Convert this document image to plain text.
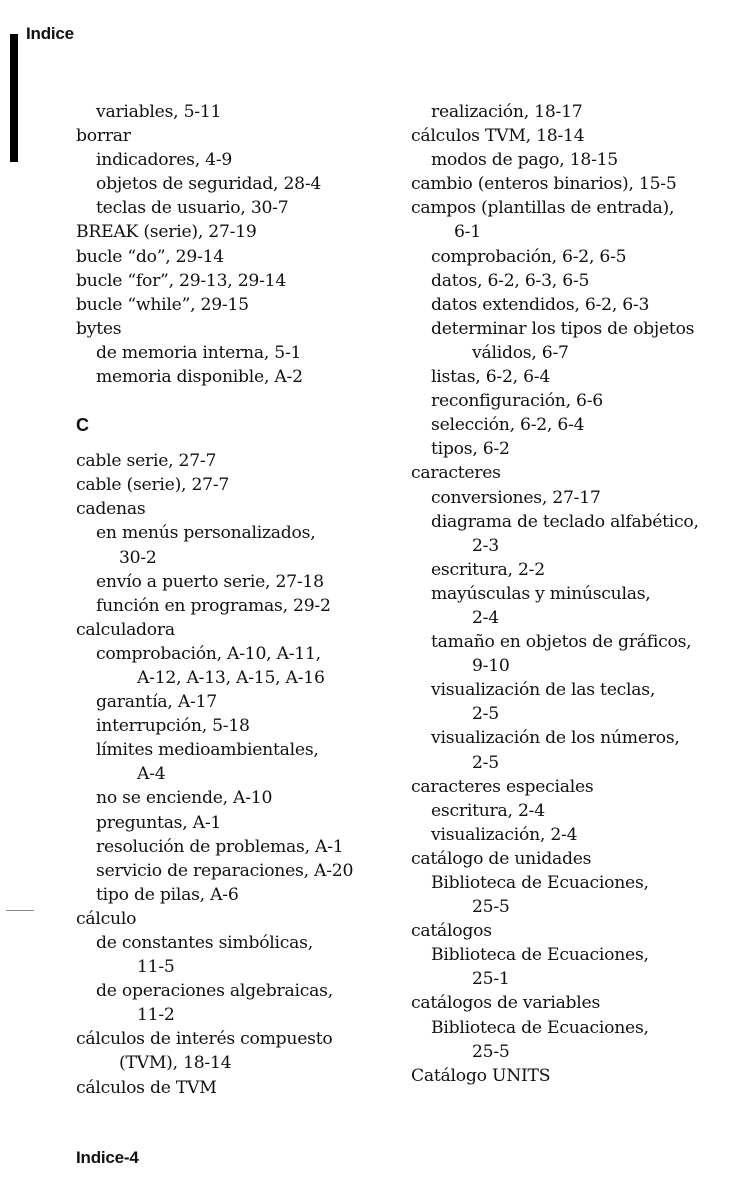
Indice
variables, 5-11
borrar
indicadores, 4-9
objetos de seguridad, 28-4
teclas de usuario, 30-7
BREAK (serie), 27-19
bucle “do”, 29-14
bucle “for”, 29-13, 29-14
bucle “while”, 29-15
bytes
de memoria interna, 5-1
memoria disponible, A-2
C
cable serie, 27-7
cable (serie), 27-7
cadenas
en menús personalizados,
30-2
envío a puerto serie, 27-18
función en programas, 29-2
calculadora
comprobación, A-10, A-11,
A-12, A-13, A-15, A-16
garantía, A-17
interrupción, 5-18
límites medioambientales,
A-4
no se enciende, A-10
preguntas, A-1
resolución de problemas, A-1
servicio de reparaciones, A-20
tipo de pilas, A-6
cálculo
de constantes simbólicas,
11-5
de operaciones algebraicas,
11-2
cálculos de interés compuesto
(TVM), 18-14
cálculos de TVM
realización, 18-17
cálculos TVM, 18-14
modos de pago, 18-15
cambio (enteros binarios), 15-5
campos (plantillas de entrada),
6-1
comprobación, 6-2, 6-5
datos, 6-2, 6-3, 6-5
datos extendidos, 6-2, 6-3
determinar los tipos de objetos
válidos, 6-7
listas, 6-2, 6-4
reconfiguración, 6-6
selección, 6-2, 6-4
tipos, 6-2
caracteres
conversiones, 27-17
diagrama de teclado alfabético,
2-3
escritura, 2-2
mayúsculas y minúsculas,
2-4
tamaño en objetos de gráficos,
9-10
visualización de las teclas,
2-5
visualización de los números,
2-5
caracteres especiales
escritura, 2-4
visualización, 2-4
catálogo de unidades
Biblioteca de Ecuaciones,
25-5
catálogos
Biblioteca de Ecuaciones,
25-1
catálogos de variables
Biblioteca de Ecuaciones,
25-5
Catálogo UNITS
Indice-4
